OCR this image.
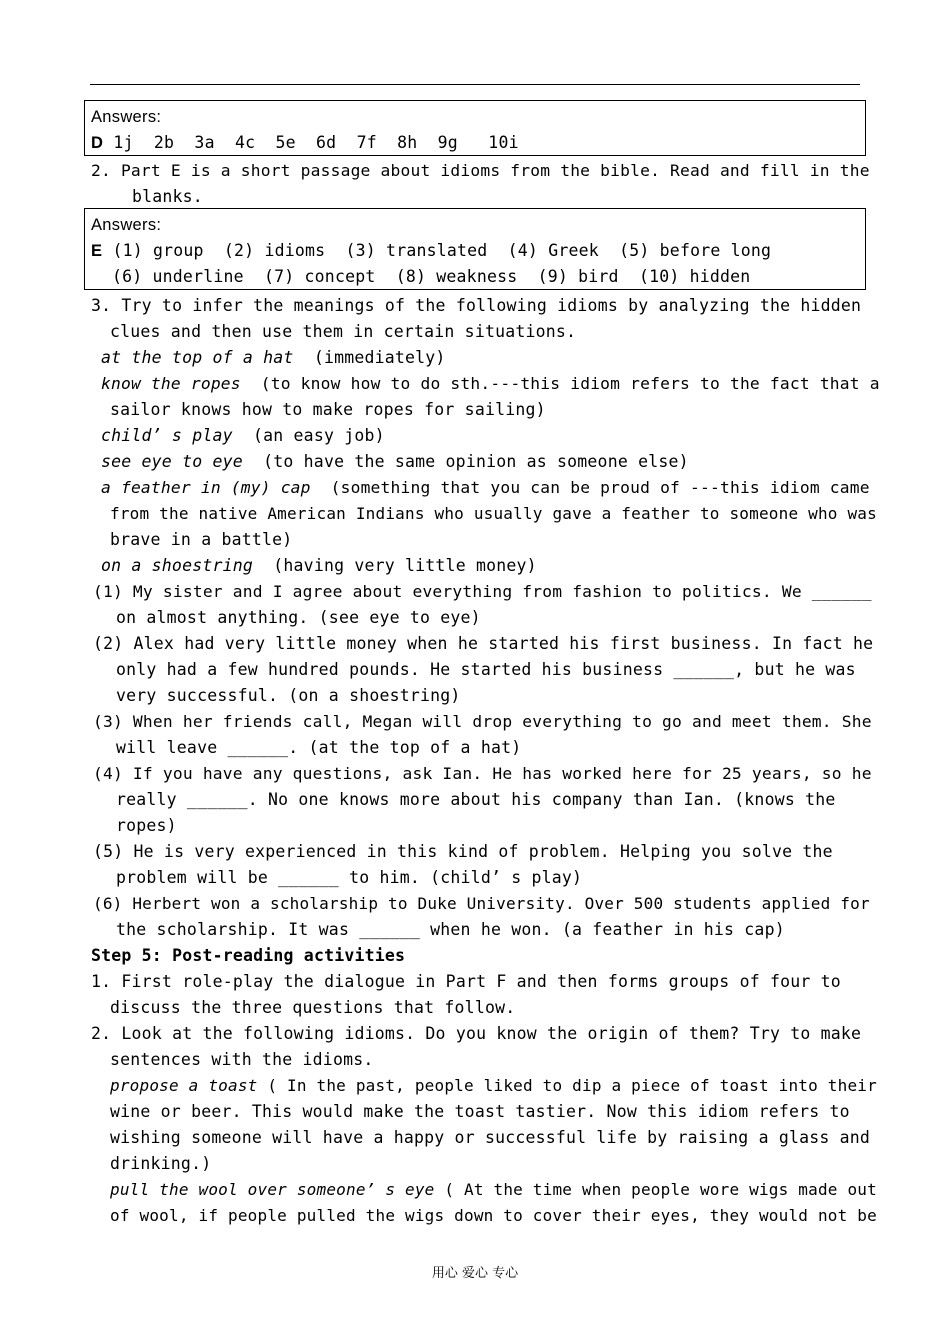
Answers:
D 1j  2b  3a  4c  5e  6d  7f  8h  9g   10i
2. Part E is a short passage about idioms from the bible. Read and fill in the
blanks.
Answers:
E (1) group  (2) idioms  (3) translated  (4) Greek  (5) before long
(6) underline  (7) concept  (8) weakness  (9) bird  (10) hidden
3. Try to infer the meanings of the following idioms by analyzing the hidden
clues and then use them in certain situations.
at the top of a hat  (immediately)
know the ropes  (to know how to do sth.---this idiom refers to the fact that a
sailor knows how to make ropes for sailing)
child’ s play  (an easy job)
see eye to eye  (to have the same opinion as someone else)
a feather in (my) cap  (something that you can be proud of ---this idiom came
from the native American Indians who usually gave a feather to someone who was
brave in a battle)
on a shoestring  (having very little money)
(1) My sister and I agree about everything from fashion to politics. We ______
on almost anything. (see eye to eye)
(2) Alex had very little money when he started his first business. In fact he
only had a few hundred pounds. He started his business ______, but he was
very successful. (on a shoestring)
(3) When her friends call, Megan will drop everything to go and meet them. She
will leave ______. (at the top of a hat)
(4) If you have any questions, ask Ian. He has worked here for 25 years, so he
really ______. No one knows more about his company than Ian. (knows the
ropes)
(5) He is very experienced in this kind of problem. Helping you solve the
problem will be ______ to him. (child’ s play)
(6) Herbert won a scholarship to Duke University. Over 500 students applied for
the scholarship. It was ______ when he won. (a feather in his cap)
Step 5: Post-reading activities
1. First role-play the dialogue in Part F and then forms groups of four to
discuss the three questions that follow.
2. Look at the following idioms. Do you know the origin of them? Try to make
sentences with the idioms.
propose a toast ( In the past, people liked to dip a piece of toast into their
wine or beer. This would make the toast tastier. Now this idiom refers to
wishing someone will have a happy or successful life by raising a glass and
drinking.)
pull the wool over someone’ s eye ( At the time when people wore wigs made out
of wool, if people pulled the wigs down to cover their eyes, they would not be
用心 爱心 专心
